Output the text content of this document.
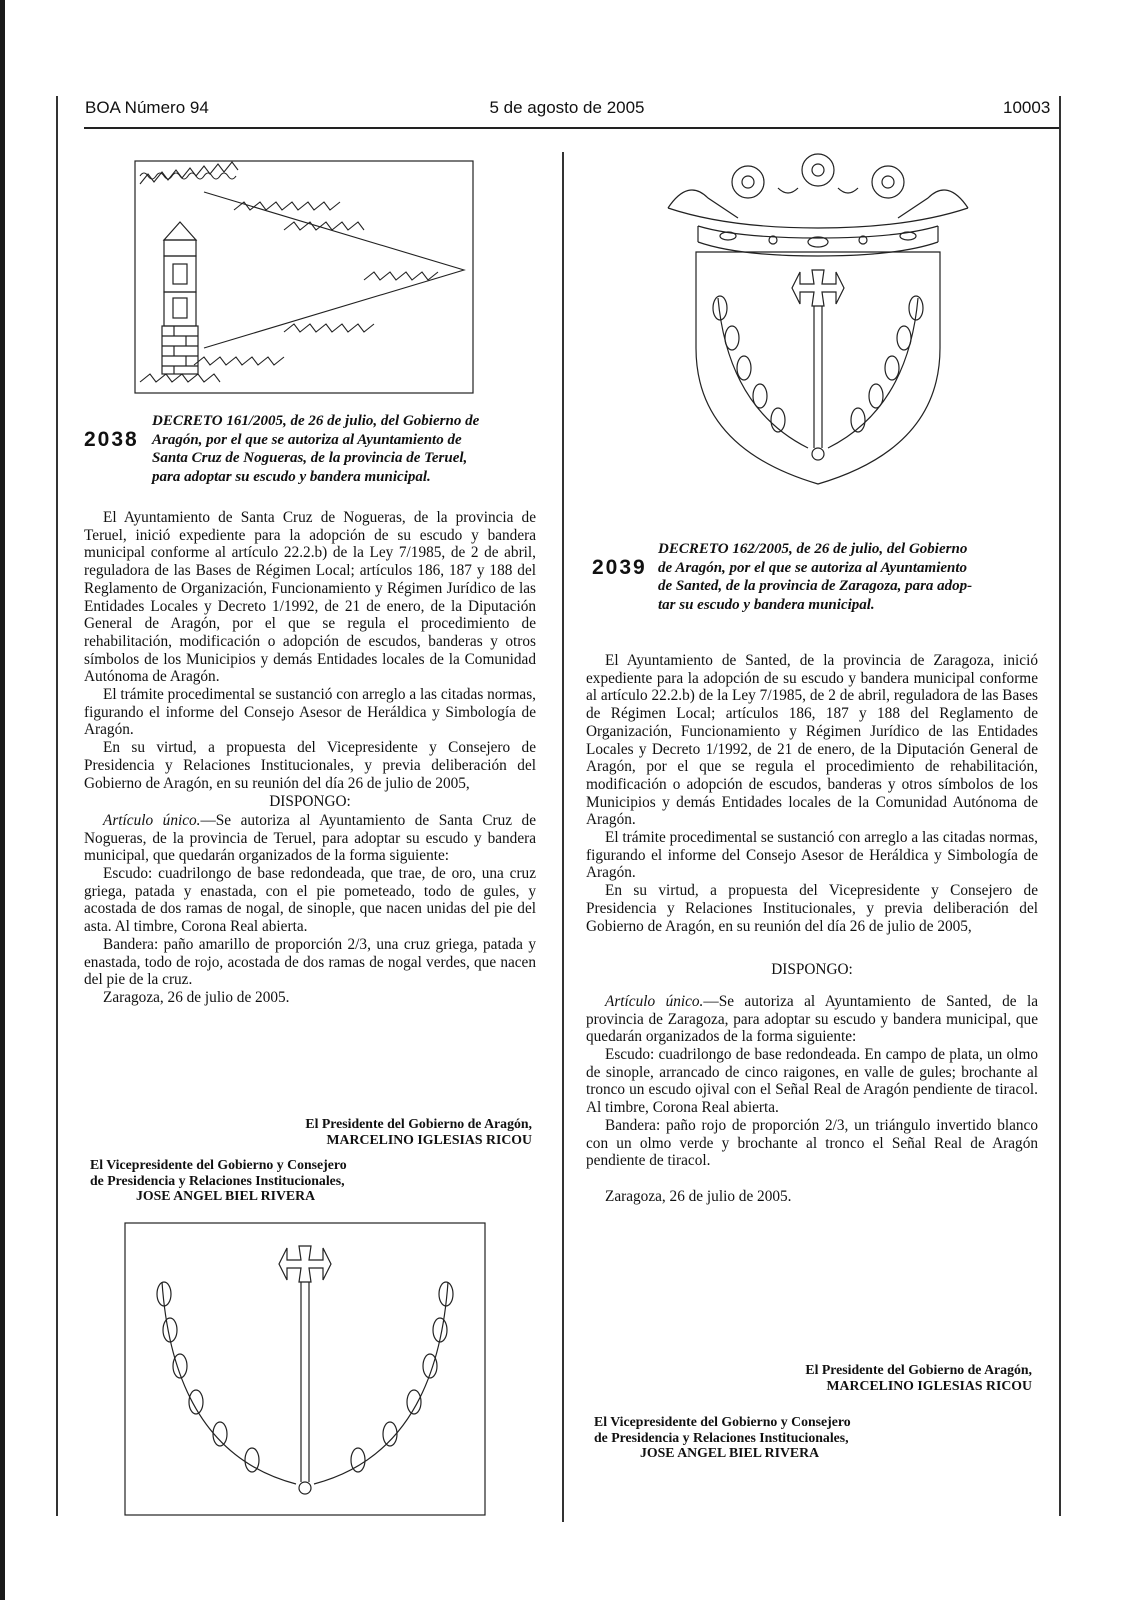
BOA Número 94	5 de agosto de 2005	10003
2038
DECRETO 161/2005, de 26 de julio, del Gobierno de
Aragón, por el que se autoriza al Ayuntamiento de
Santa Cruz de Nogueras, de la provincia de Teruel,
para adoptar su escudo y bandera municipal.

El Ayuntamiento de Santa Cruz de Nogueras, de la provincia de Teruel, inició expediente para la adopción de su escudo y bandera municipal conforme al artículo 22.2.b) de la Ley 7/1985, de 2 de abril, reguladora de las Bases de Régimen Local; artículos 186, 187 y 188 del Reglamento de Organización, Funcionamiento y Régimen Jurídico de las Entidades Locales y Decreto 1/1992, de 21 de enero, de la Diputación General de Aragón, por el que se regula el procedimiento de rehabilitación, modificación o adopción de escudos, banderas y otros símbolos de los Municipios y demás Entidades locales de la Comunidad Autónoma de Aragón.

El trámite procedimental se sustanció con arreglo a las citadas normas, figurando el informe del Consejo Asesor de Heráldica y Simbología de Aragón.

En su virtud, a propuesta del Vicepresidente y Consejero de Presidencia y Relaciones Institucionales, y previa deliberación del Gobierno de Aragón, en su reunión del día 26 de julio de 2005,

DISPONGO:

Artículo único.—Se autoriza al Ayuntamiento de Santa Cruz de Nogueras, de la provincia de Teruel, para adoptar su escudo y bandera municipal, que quedarán organizados de la forma siguiente:

Escudo: cuadrilongo de base redondeada, que trae, de oro, una cruz griega, patada y enastada, con el pie pometeado, todo de gules, y acostada de dos ramas de nogal, de sinople, que nacen unidas del pie del asta. Al timbre, Corona Real abierta.

Bandera: paño amarillo de proporción 2/3, una cruz griega, patada y enastada, todo de rojo, acostada de dos ramas de nogal verdes, que nacen del pie de la cruz.

Zaragoza, 26 de julio de 2005.

El Presidente del Gobierno de Aragón,
MARCELINO IGLESIAS RICOU
El Vicepresidente del Gobierno y Consejero
de Presidencia y Relaciones Institucionales,
JOSE ANGEL BIEL RIVERA
2039
DECRETO 162/2005, de 26 de julio, del Gobierno
de Aragón, por el que se autoriza al Ayuntamiento
de Santed, de la provincia de Zaragoza, para adop-
tar su escudo y bandera municipal.

El Ayuntamiento de Santed, de la provincia de Zaragoza, inició expediente para la adopción de su escudo y bandera municipal conforme al artículo 22.2.b) de la Ley 7/1985, de 2 de abril, reguladora de las Bases de Régimen Local; artículos 186, 187 y 188 del Reglamento de Organización, Funcionamiento y Régimen Jurídico de las Entidades Locales y Decreto 1/1992, de 21 de enero, de la Diputación General de Aragón, por el que se regula el procedimiento de rehabilitación, modificación o adopción de escudos, banderas y otros símbolos de los Municipios y demás Entidades locales de la Comunidad Autónoma de Aragón.

El trámite procedimental se sustanció con arreglo a las citadas normas, figurando el informe del Consejo Asesor de Heráldica y Simbología de Aragón.

En su virtud, a propuesta del Vicepresidente y Consejero de Presidencia y Relaciones Institucionales, y previa deliberación del Gobierno de Aragón, en su reunión del día 26 de julio de 2005,

DISPONGO:

Artículo único.—Se autoriza al Ayuntamiento de Santed, de la provincia de Zaragoza, para adoptar su escudo y bandera municipal, que quedarán organizados de la forma siguiente:

Escudo: cuadrilongo de base redondeada. En campo de plata, un olmo de sinople, arrancado de cinco raigones, en valle de gules; brochante al tronco un escudo ojival con el Señal Real de Aragón pendiente de tiracol. Al timbre, Corona Real abierta.

Bandera: paño rojo de proporción 2/3, un triángulo invertido blanco con un olmo verde y brochante al tronco el Señal Real de Aragón pendiente de tiracol.

Zaragoza, 26 de julio de 2005.

El Presidente del Gobierno de Aragón,
MARCELINO IGLESIAS RICOU
El Vicepresidente del Gobierno y Consejero
de Presidencia y Relaciones Institucionales,
JOSE ANGEL BIEL RIVERA
